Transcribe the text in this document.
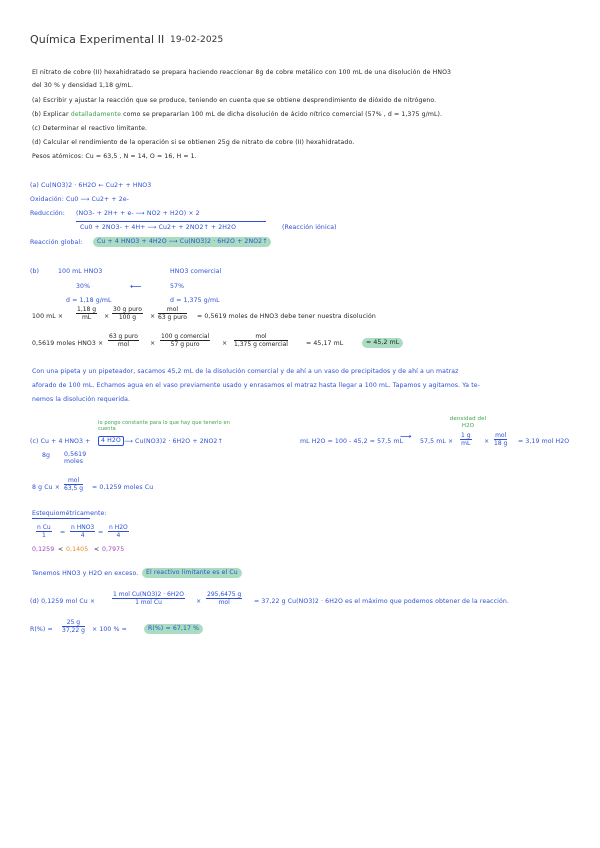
Química Experimental II 19-02-2025
El nitrato de cobre (II) hexahidratado se prepara haciendo reaccionar 8g de cobre metálico con 100 mL de una disolución de HNO3
del 30 % y densidad 1,18 g/mL.
(a) Escribir y ajustar la reacción que se produce, teniendo en cuenta que se obtiene desprendimiento de dióxido de nitrógeno.
(b) Explicar detalladamente como se prepararían 100 mL de dicha disolución de ácido nítrico comercial (57% , d = 1,375 g/mL).
(c) Determinar el reactivo limitante.
(d) Calcular el rendimiento de la operación si se obtienen 25g de nitrato de cobre (II) hexahidratado.
Pesos atómicos: Cu = 63,5 , N = 14, O = 16, H = 1.
(a) Cu(NO3)2 · 6H2O ← Cu2+ + HNO3
Oxidación: Cu0 ⟶ Cu2+ + 2e-
Reducción: (NO3- + 2H+ + e- ⟶ NO2 + H2O) × 2
Cu0 + 2NO3- + 4H+ ⟶ Cu2+ + 2NO2↑ + 2H2O	(Reacción iónica)
Reacción global:	Cu + 4 HNO3 + 4H2O ⟶ Cu(NO3)2 · 6H2O + 2NO2↑
(b)	100 mL HNO3
30%
d = 1,18 g/mL
HNO3 comercial
57%
d = 1,375 g/mL
⟵
100 mL ×
1,18 g
mL	×
30 g puro
100 g	×
mol
63 g puro = 0,5619 moles de HNO3 debe tener nuestra disolución
0,5619 moles HNO3 ×
63 g puro
mol	×
100 g comercial
57 g puro	×
mol
1,375 g comercial	= 45,17 mL	≈ 45,2 mL
Con una pipeta y un pipeteador, sacamos 45,2 mL de la disolución comercial y de ahí a un vaso de precipitados y de ahí a un matraz
aforado de 100 mL. Echamos agua en el vaso previamente usado y enrasamos el matraz hasta llegar a 100 mL. Tapamos y agitamos. Ya te-
nemos la disolución requerida.
lo pongo constante para lo que hay que tenerlo en cuenta
(c) Cu + 4 HNO3 +	4 H2O ⟶ Cu(NO3)2 · 6H2O + 2NO2↑
8g 0,5619 moles
mL H2O = 100 - 45,2 = 57,5 mL
⟶
57,5 mL ×
1 g
mL
densidad del H2O
×
mol
18 g = 3,19 mol H2O
8 g Cu ×
mol
63,5 g = 0,1259 moles Cu
Estequiométricamente:
n Cu
1	=
n HNO3
4	=
n H2O
4
0,1259 < 0,1405 < 0,7975
Tenemos HNO3 y H2O en exceso.	El reactivo limitante es el Cu
(d) 0,1259 mol Cu ×
1 mol Cu(NO3)2 · 6H2O
1 mol Cu	×
295,6475 g
mol	= 37,22 g Cu(NO3)2 · 6H2O es el máximo que podemos obtener de la reacción.
R(%) =
25 g
37,22 g × 100 % =	R(%) = 67,17 %
